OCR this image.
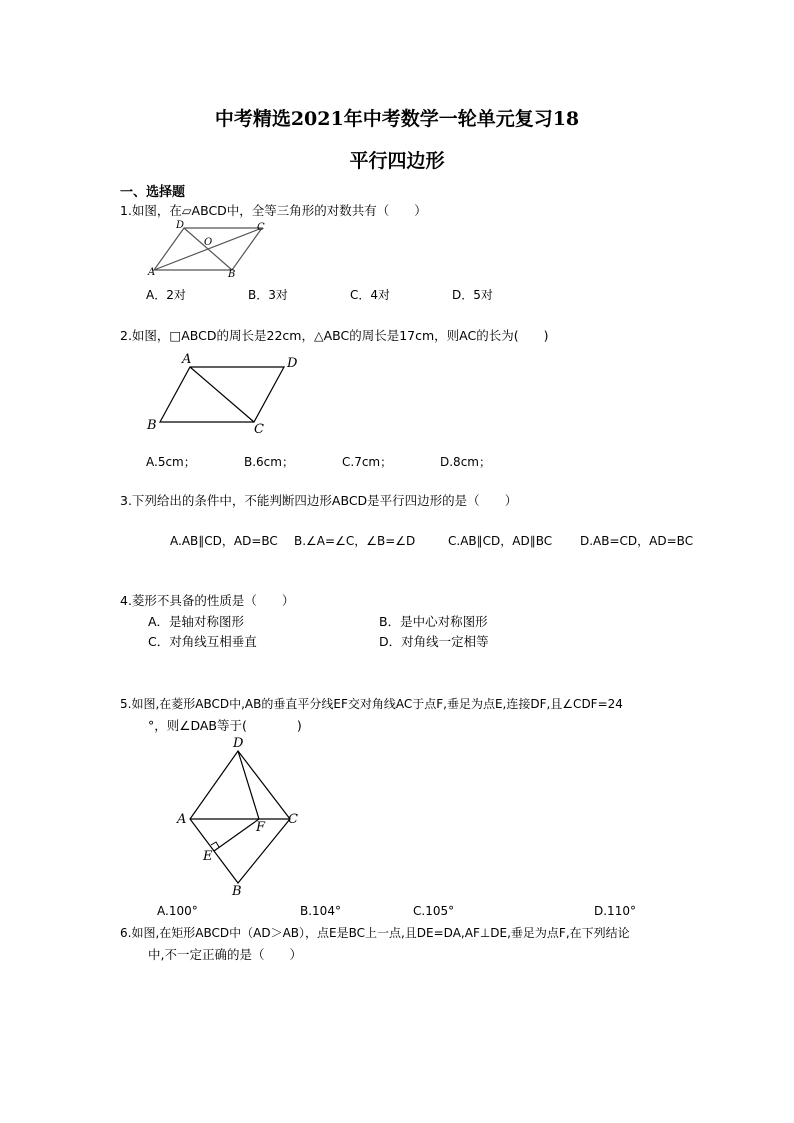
中考精选2021年中考数学一轮单元复习18
平行四边形
一、选择题
1.如图，在▱ABCD中，全等三角形的对数共有（　　）
D	C
O
A	B
A．2对	B．3对	C．4对	D．5对
2.如图，□ABCD的周长是22cm，△ABC的周长是17cm，则AC的长为(　　)
A	D
B	C
A.5cm；	B.6cm；	C.7cm；	D.8cm；
3.下列给出的条件中，不能判断四边形ABCD是平行四边形的是（　　）
A.AB∥CD，AD=BC B.∠A=∠C，∠B=∠D	C.AB∥CD，AD∥BC D.AB=CD，AD=BC
4.菱形不具备的性质是（　　）
A．是轴对称图形	B．是中心对称图形
C．对角线互相垂直	D．对角线一定相等
5.如图,在菱形ABCD中,AB的垂直平分线EF交对角线AC于点F,垂足为点E,连接DF,且∠CDF=24
°，则∠DAB等于(　　　　)
D
A
F
C
E
B
A.100°	B.104°	C.105°	D.110°
6.如图,在矩形ABCD中（AD＞AB），点E是BC上一点,且DE=DA,AF⊥DE,垂足为点F,在下列结论
中,不一定正确的是（　　）
